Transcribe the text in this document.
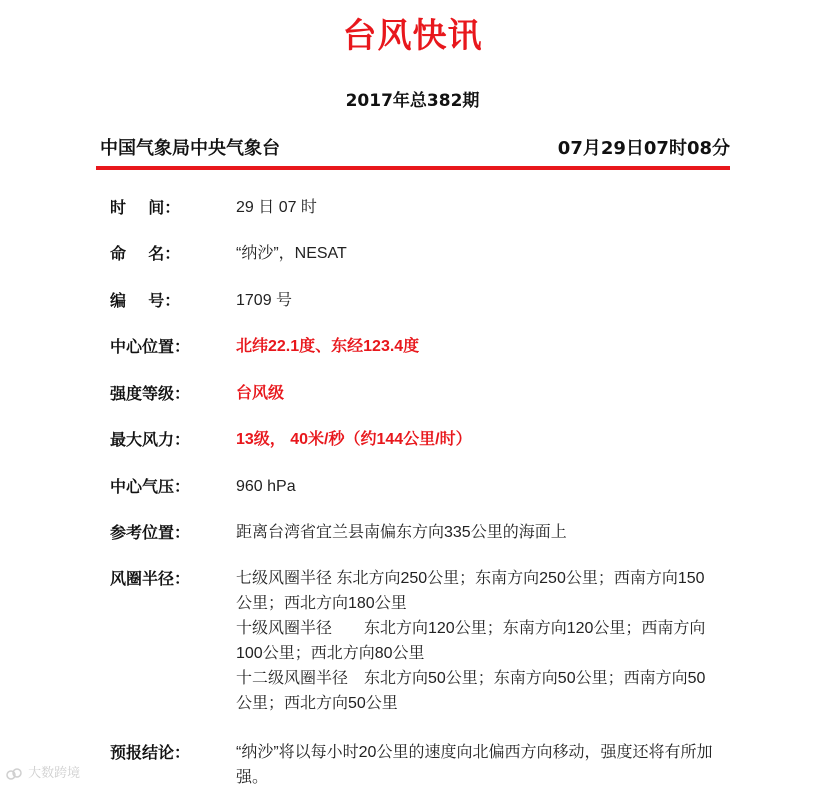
台风快讯
2017年总382期
中国气象局中央气象台	07月29日07时08分
时    间：	29 日 07 时
命    名：	“纳沙”，NESAT
编    号：	1709 号
中心位置：	北纬22.1度、东经123.4度
强度等级：	台风级
最大风力：	13级， 40米/秒（约144公里/时）
中心气压：	960 hPa
参考位置：	距离台湾省宜兰县南偏东方向335公里的海面上
风圈半径：	七级风圈半径 东北方向250公里；东南方向250公里；西南方向150公里；西北方向180公里

十级风圈半径　　东北方向120公里；东南方向120公里；西南方向100公里；西北方向80公里

十二级风圈半径　东北方向50公里；东南方向50公里；西南方向50公里；西北方向50公里

预报结论：	“纳沙”将以每小时20公里的速度向北偏西方向移动，强度还将有所加强。
大数跨境
